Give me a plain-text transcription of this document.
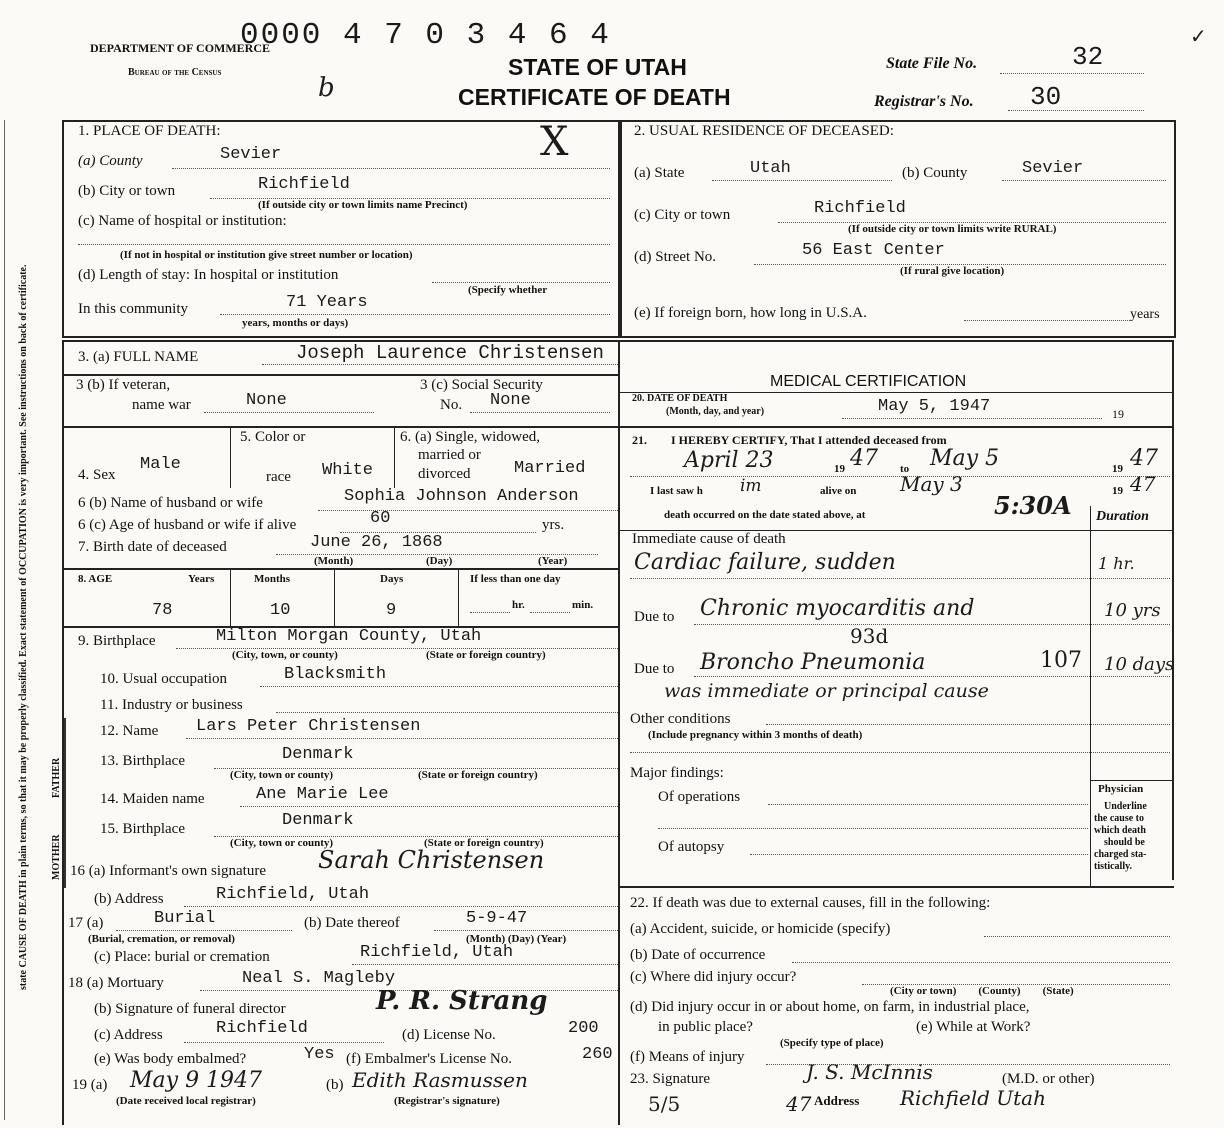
0000 4 7 0 3 4 6 4
DEPARTMENT OF COMMERCE
Bureau of the Census
b
STATE OF UTAH
CERTIFICATE OF DEATH
State File No.	32
Registrar's No. 30
✓
state CAUSE OF DEATH in plain terms, so that it may be properly classified. Exact statement of OCCUPATION is very important. See instructions on back of certificate.
1. PLACE OF DEATH:	X
(a) County	Sevier
(b) City or town	Richfield
(If outside city or town limits name Precinct)
(c) Name of hospital or institution:
(If not in hospital or institution give street number or location)
(d) Length of stay: In hospital or institution
(Specify whether
In this community	71 Years
years, months or days)
2. USUAL RESIDENCE OF DECEASED:
(a) State	Utah	(b) County	Sevier
(c) City or town	Richfield
(If outside city or town limits write RURAL)
(d) Street No.	56 East Center
(If rural give location)
(e) If foreign born, how long in U.S.A.	years
3. (a) FULL NAME	Joseph Laurence Christensen
3 (b) If veteran,
name war	None
3 (c) Social Security
No. None
4. Sex
Male
5. Color or
race White
6. (a) Single, widowed,
married or
divorced	Married
6 (b) Name of husband or wife	Sophia Johnson Anderson
6 (c) Age of husband or wife if alive	60	yrs.
7. Birth date of deceased	June 26, 1868
(Month)	(Day)	(Year)
8. AGE	Years	Months	Days	If less than one day
78	10	9	hr.	min.
9. Birthplace	Milton Morgan County, Utah
(City, town, or county)	(State or foreign country)
10. Usual occupation	Blacksmith
11. Industry or business
FATHER
MOTHER
12. Name Lars Peter Christensen
13. Birthplace	Denmark
(City, town or county)	(State or foreign country)
14. Maiden name	Ane Marie Lee
15. Birthplace	Denmark
(City, town or county)	(State or foreign country)
16 (a) Informant's own signature Sarah Christensen
(b) Address	Richfield, Utah
17 (a)	Burial	(b) Date thereof	5-9-47
(Burial, cremation, or removal)	(Month) (Day) (Year)
(c) Place: burial or cremation	Richfield, Utah
18 (a) Mortuary	Neal S. Magleby
(b) Signature of funeral director	P. R. Strang
(c) Address	Richfield	(d) License No.	200
(e) Was body embalmed?	Yes (f) Embalmer's License No.	260
19 (a) May 9 1947	(b) Edith Rasmussen
(Date received local registrar)	(Registrar's signature)
MEDICAL CERTIFICATION
20. DATE OF DEATH
(Month, day, and year)	May 5, 1947	19
21.        I HEREBY CERTIFY, That I attended deceased from
April 23	19 47 to May 5	19 47
I last saw h im	alive on May 3	19 47
death occurred on the date stated above, at	5:30A Duration
Immediate cause of death
Cardiac failure, sudden	1 hr.
Due to Chronic myocarditis and	10 yrs
93d
Due to Broncho Pneumonia	107 10 days
was immediate or principal cause
Other conditions
(Include pregnancy within 3 months of death)
Major findings:
Of operations
Of autopsy
Physician
Underline
the cause to
which death
should be
charged sta-
tistically.
22. If death was due to external causes, fill in the following:
(a) Accident, suicide, or homicide (specify)
(b) Date of occurrence
(c) Where did injury occur?
(City or town)        (County)        (State)
(d) Did injury occur in or about home, on farm, in industrial place,
in public place?	(e) While at Work?
(Specify type of place)
(f) Means of injury
23. Signature	J. S. McInnis	(M.D. or other)
5/5	47 Address Richfield Utah
